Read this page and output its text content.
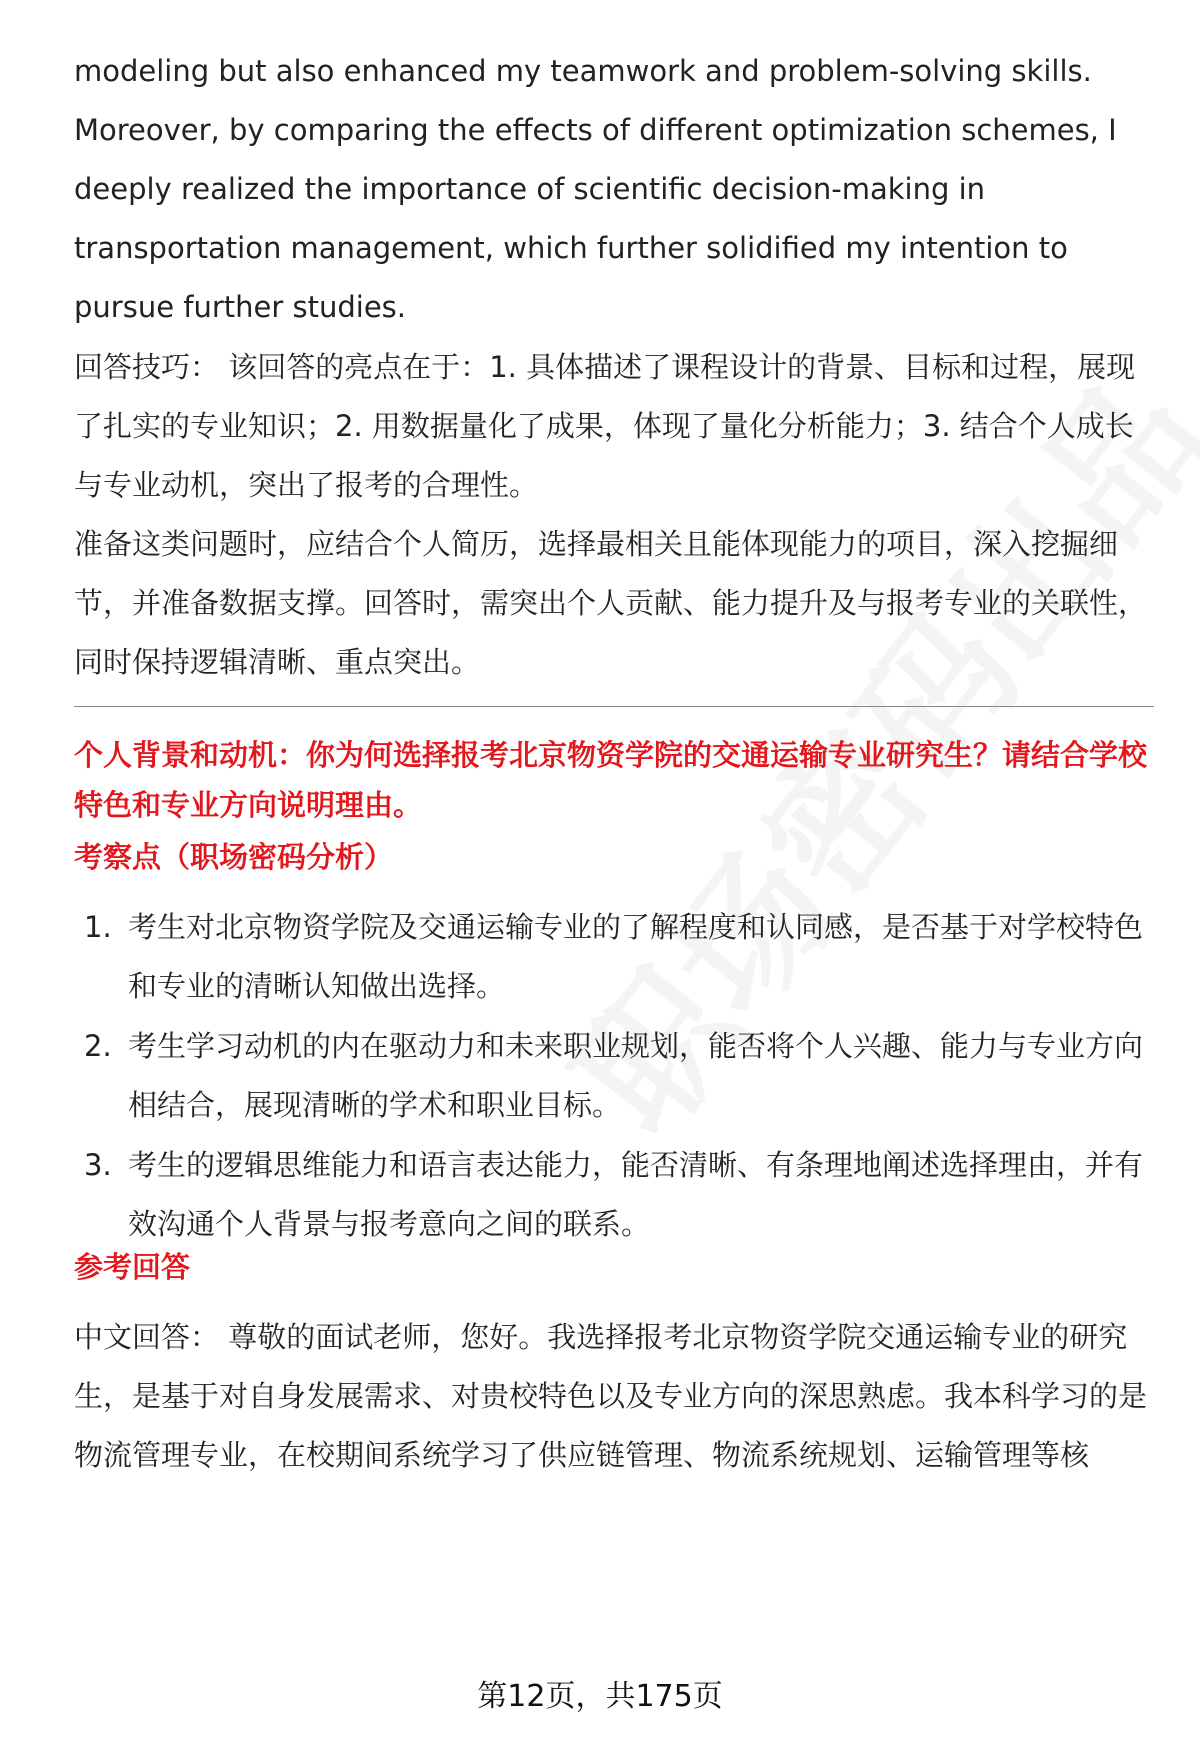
modeling but also enhanced my teamwork and problem-solving skills. Moreover, by comparing the effects of different optimization schemes, I deeply realized the importance of scientific decision-making in transportation management, which further solidified my intention to pursue further studies.

回答技巧： 该回答的亮点在于：1. 具体描述了课程设计的背景、目标和过程，展现了扎实的专业知识；2. 用数据量化了成果，体现了量化分析能力；3. 结合个人成长与专业动机，突出了报考的合理性。

准备这类问题时，应结合个人简历，选择最相关且能体现能力的项目，深入挖掘细节，并准备数据支撑。回答时，需突出个人贡献、能力提升及与报考专业的关联性，同时保持逻辑清晰、重点突出。

个人背景和动机：你为何选择报考北京物资学院的交通运输专业研究生？请结合学校特色和专业方向说明理由。

考察点（职场密码分析）

1. 考生对北京物资学院及交通运输专业的了解程度和认同感，是否基于对学校特色和专业的清晰认知做出选择。
2. 考生学习动机的内在驱动力和未来职业规划，能否将个人兴趣、能力与专业方向相结合，展现清晰的学术和职业目标。
3. 考生的逻辑思维能力和语言表达能力，能否清晰、有条理地阐述选择理由，并有效沟通个人背景与报考意向之间的联系。

参考回答

中文回答： 尊敬的面试老师，您好。我选择报考北京物资学院交通运输专业的研究生，是基于对自身发展需求、对贵校特色以及专业方向的深思熟虑。我本科学习的是物流管理专业，在校期间系统学习了供应链管理、物流系统规划、运输管理等核

第12页，共175页
